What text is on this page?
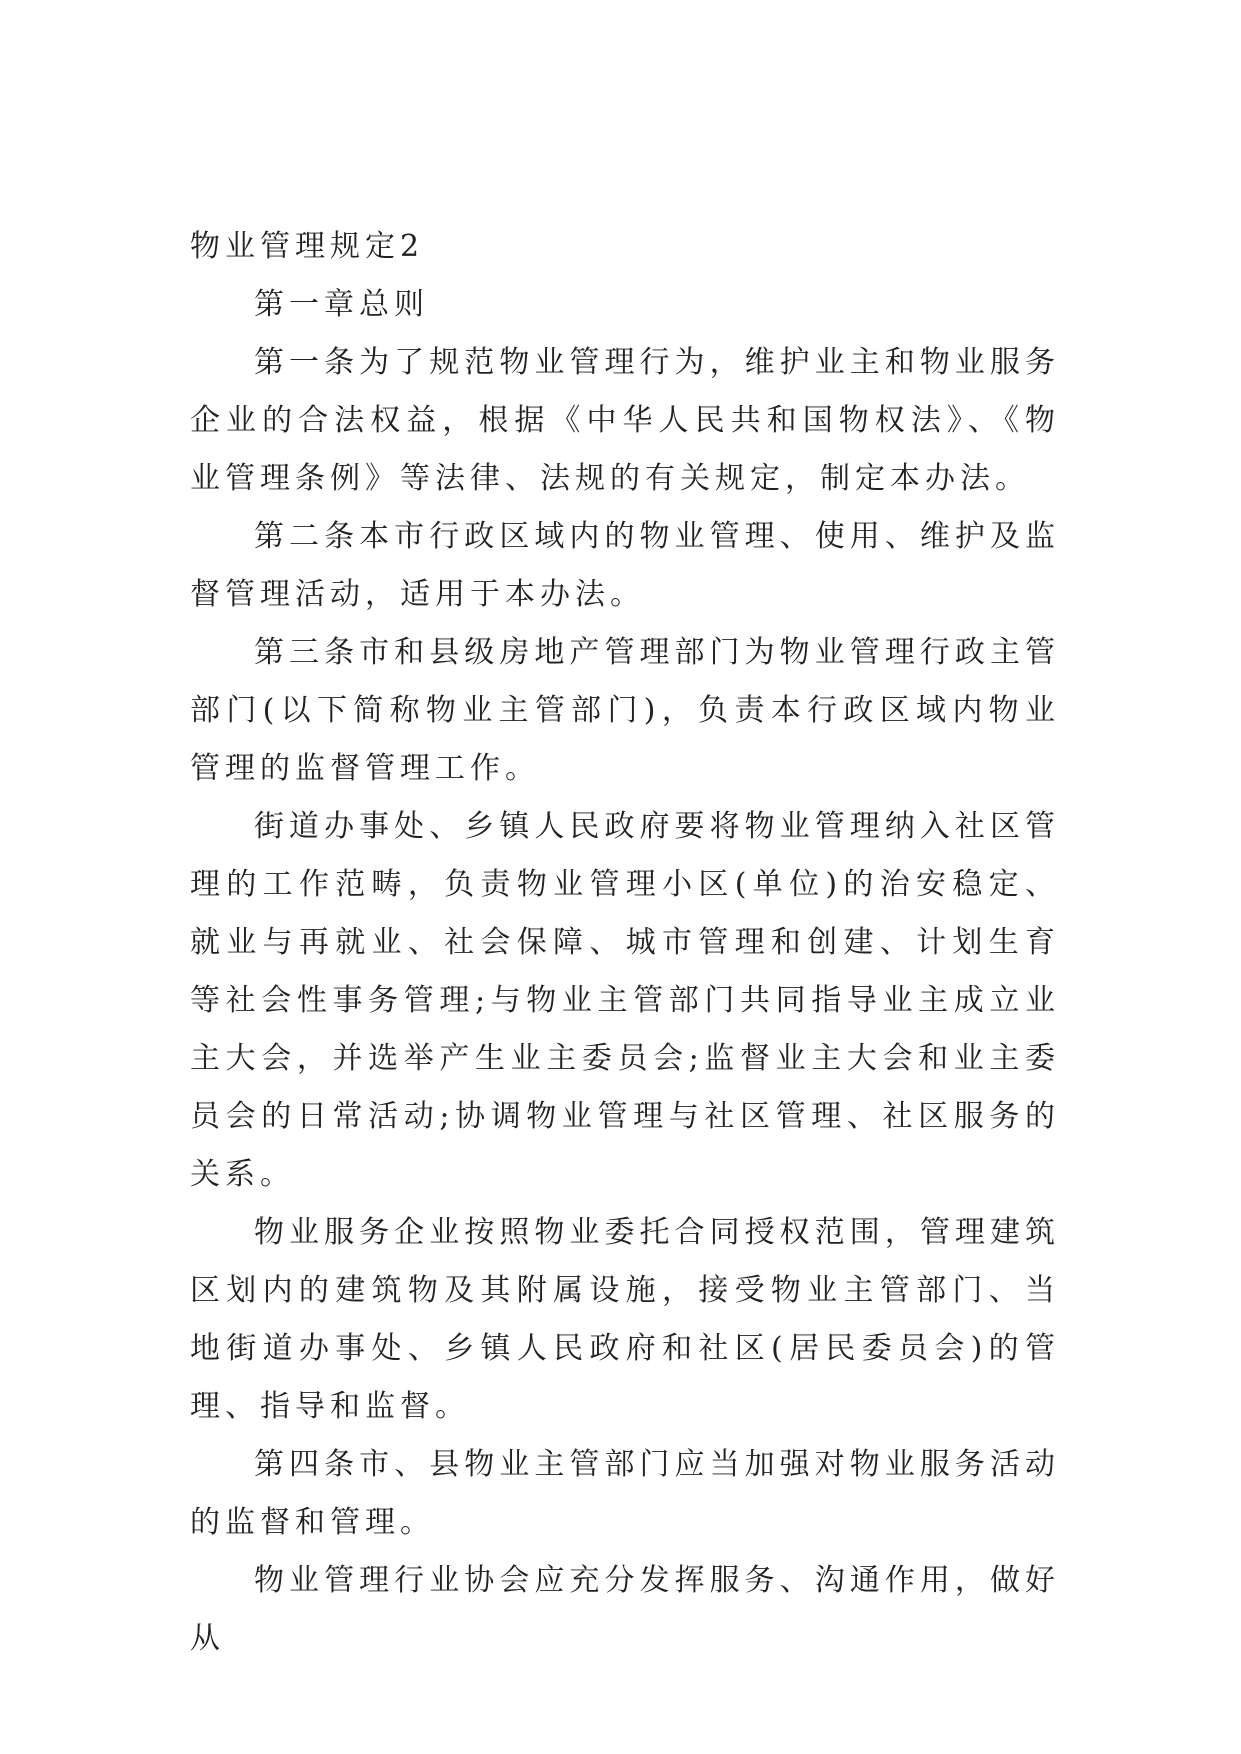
物业管理规定2

第一章总则

第一条为了规范物业管理行为，维护业主和物业服务企业的合法权益，根据《中华人民共和国物权法》、《物业管理条例》等法律、法规的有关规定，制定本办法。

第二条本市行政区域内的物业管理、使用、维护及监督管理活动，适用于本办法。

第三条市和县级房地产管理部门为物业管理行政主管部门(以下简称物业主管部门)，负责本行政区域内物业管理的监督管理工作。

街道办事处、乡镇人民政府要将物业管理纳入社区管理的工作范畴，负责物业管理小区(单位)的治安稳定、就业与再就业、社会保障、城市管理和创建、计划生育等社会性事务管理;与物业主管部门共同指导业主成立业主大会，并选举产生业主委员会;监督业主大会和业主委员会的日常活动;协调物业管理与社区管理、社区服务的关系。

物业服务企业按照物业委托合同授权范围，管理建筑区划内的建筑物及其附属设施，接受物业主管部门、当地街道办事处、乡镇人民政府和社区(居民委员会)的管理、指导和监督。

第四条市、县物业主管部门应当加强对物业服务活动的监督和管理。

物业管理行业协会应充分发挥服务、沟通作用，做好从
